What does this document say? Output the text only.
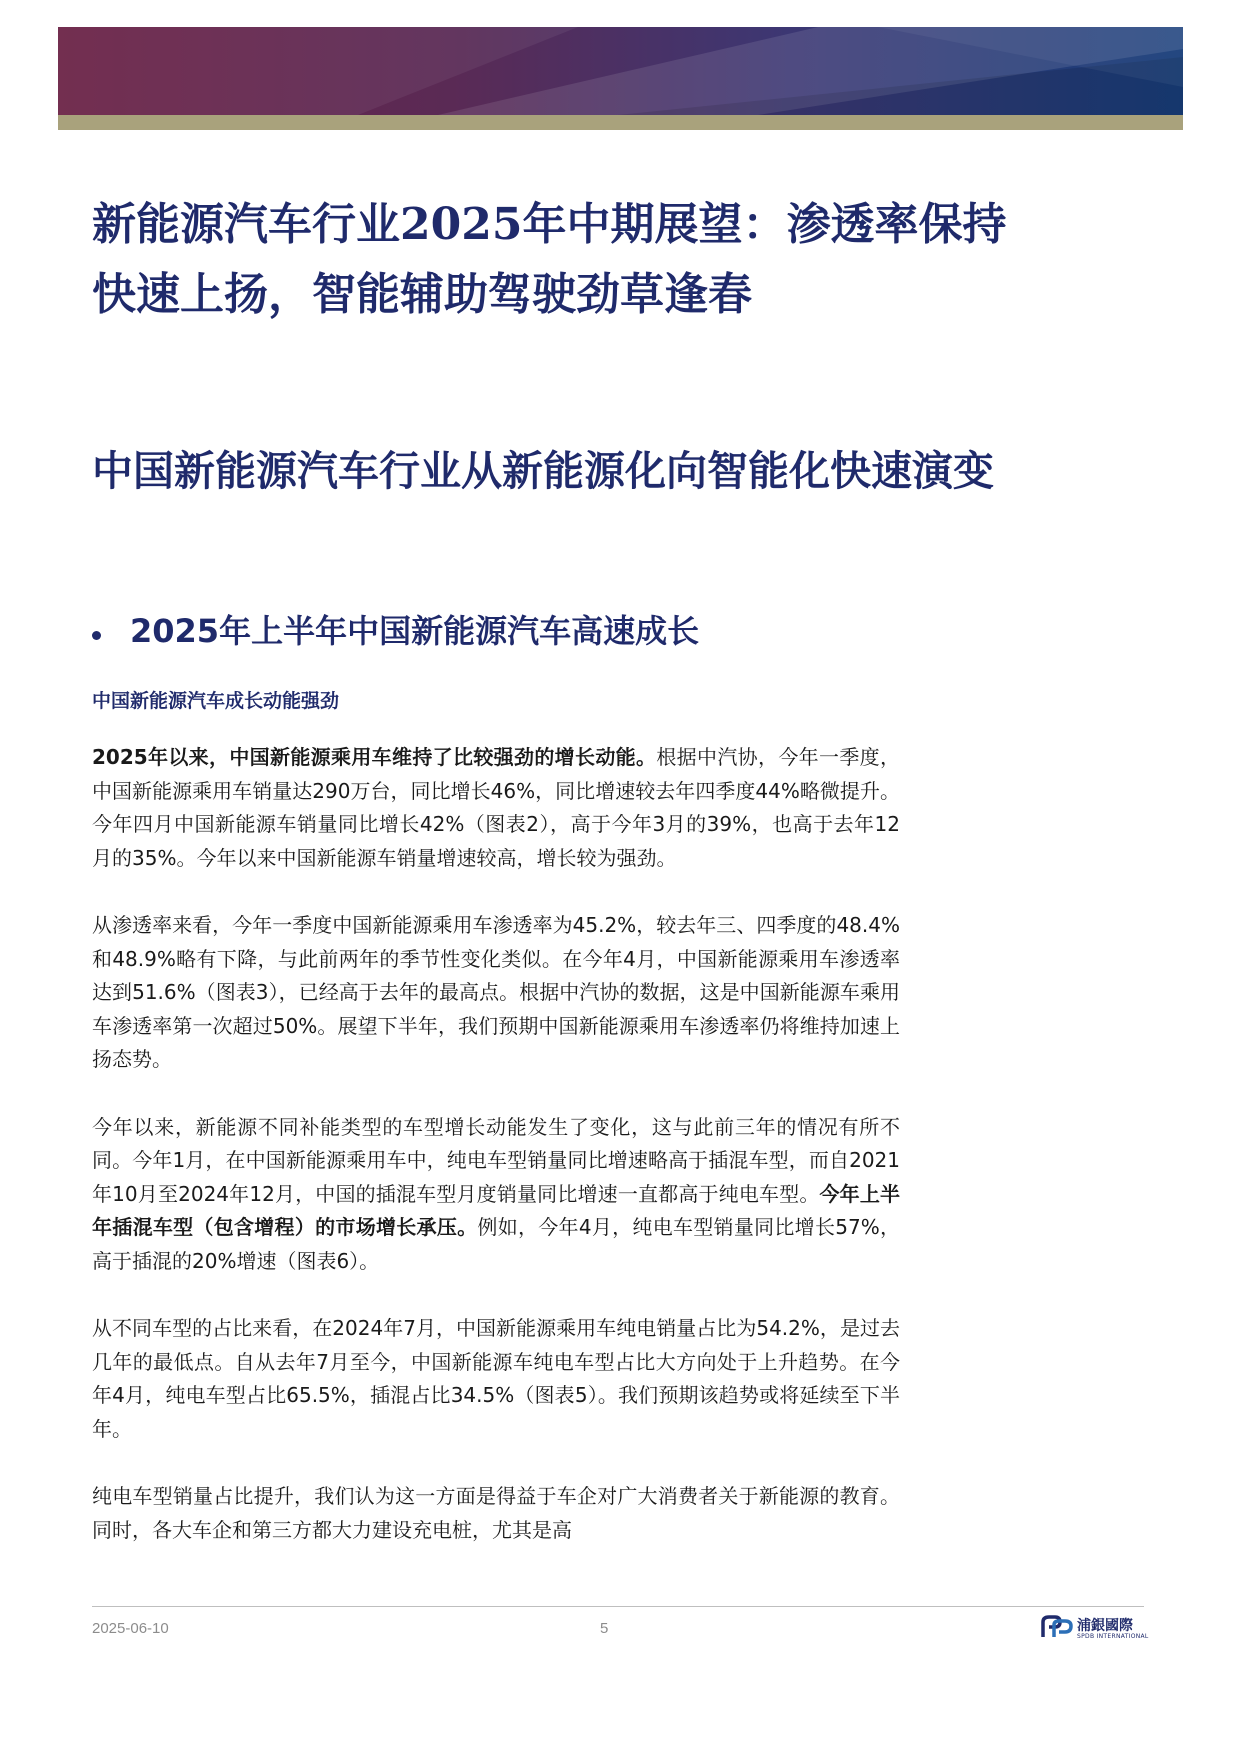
新能源汽车行业2025年中期展望：渗透率保持快速上扬，智能辅助驾驶劲草逢春
中国新能源汽车行业从新能源化向智能化快速演变
2025年上半年中国新能源汽车高速成长
中国新能源汽车成长动能强劲

2025年以来，中国新能源乘用车维持了比较强劲的增长动能。根据中汽协，今年一季度，中国新能源乘用车销量达290万台，同比增长46%，同比增速较去年四季度44%略微提升。今年四月中国新能源车销量同比增长42%（图表2），高于今年3月的39%，也高于去年12月的35%。今年以来中国新能源车销量增速较高，增长较为强劲。

从渗透率来看，今年一季度中国新能源乘用车渗透率为45.2%，较去年三、四季度的48.4%和48.9%略有下降，与此前两年的季节性变化类似。在今年4月，中国新能源乘用车渗透率达到51.6%（图表3），已经高于去年的最高点。根据中汽协的数据，这是中国新能源车乘用车渗透率第一次超过50%。展望下半年，我们预期中国新能源乘用车渗透率仍将维持加速上扬态势。

今年以来，新能源不同补能类型的车型增长动能发生了变化，这与此前三年的情况有所不同。今年1月，在中国新能源乘用车中，纯电车型销量同比增速略高于插混车型，而自2021年10月至2024年12月，中国的插混车型月度销量同比增速一直都高于纯电车型。今年上半年插混车型（包含增程）的市场增长承压。例如，今年4月，纯电车型销量同比增长57%，高于插混的20%增速（图表6）。

从不同车型的占比来看，在2024年7月，中国新能源乘用车纯电销量占比为54.2%，是过去几年的最低点。自从去年7月至今，中国新能源车纯电车型占比大方向处于上升趋势。在今年4月，纯电车型占比65.5%，插混占比34.5%（图表5）。我们预期该趋势或将延续至下半年。

纯电车型销量占比提升，我们认为这一方面是得益于车企对广大消费者关于新能源的教育。同时，各大车企和第三方都大力建设充电桩，尤其是高

2025-06-10	5	浦銀國際
SPDB INTERNATIONAL
